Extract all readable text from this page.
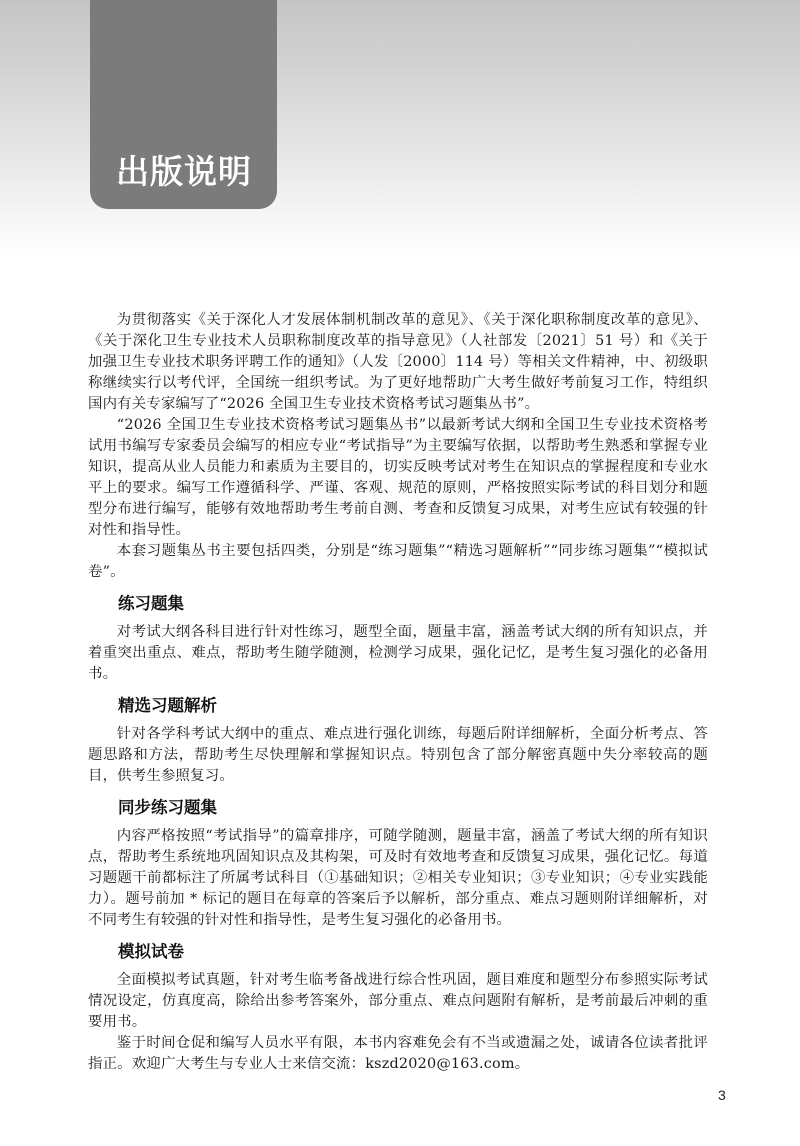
出版说明

为贯彻落实《关于深化人才发展体制机制改革的意见》、《关于深化职称制度改革的意见》、《关于深化卫生专业技术人员职称制度改革的指导意见》（人社部发〔2021〕51 号）和《关于加强卫生专业技术职务评聘工作的通知》（人发〔2000〕114 号）等相关文件精神，中、初级职称继续实行以考代评，全国统一组织考试。为了更好地帮助广大考生做好考前复习工作，特组织国内有关专家编写了“2026 全国卫生专业技术资格考试习题集丛书”。

“2026 全国卫生专业技术资格考试习题集丛书”以最新考试大纲和全国卫生专业技术资格考试用书编写专家委员会编写的相应专业“考试指导”为主要编写依据，以帮助考生熟悉和掌握专业知识，提高从业人员能力和素质为主要目的，切实反映考试对考生在知识点的掌握程度和专业水平上的要求。编写工作遵循科学、严谨、客观、规范的原则，严格按照实际考试的科目划分和题型分布进行编写，能够有效地帮助考生考前自测、考查和反馈复习成果，对考生应试有较强的针对性和指导性。

本套习题集丛书主要包括四类，分别是“练习题集”“精选习题解析”“同步练习题集”“模拟试卷”。

练习题集

对考试大纲各科目进行针对性练习，题型全面，题量丰富，涵盖考试大纲的所有知识点，并着重突出重点、难点，帮助考生随学随测，检测学习成果，强化记忆，是考生复习强化的必备用书。

精选习题解析

针对各学科考试大纲中的重点、难点进行强化训练，每题后附详细解析，全面分析考点、答题思路和方法，帮助考生尽快理解和掌握知识点。特别包含了部分解密真题中失分率较高的题目，供考生参照复习。

同步练习题集

内容严格按照“考试指导”的篇章排序，可随学随测，题量丰富，涵盖了考试大纲的所有知识点，帮助考生系统地巩固知识点及其构架，可及时有效地考查和反馈复习成果，强化记忆。每道习题题干前都标注了所属考试科目（①基础知识；②相关专业知识；③专业知识；④专业实践能力）。题号前加 * 标记的题目在每章的答案后予以解析，部分重点、难点习题则附详细解析，对不同考生有较强的针对性和指导性，是考生复习强化的必备用书。

模拟试卷

全面模拟考试真题，针对考生临考备战进行综合性巩固，题目难度和题型分布参照实际考试情况设定，仿真度高，除给出参考答案外，部分重点、难点问题附有解析，是考前最后冲刺的重要用书。

鉴于时间仓促和编写人员水平有限，本书内容难免会有不当或遗漏之处，诚请各位读者批评指正。欢迎广大考生与专业人士来信交流：kszd2020@163.com。

3
